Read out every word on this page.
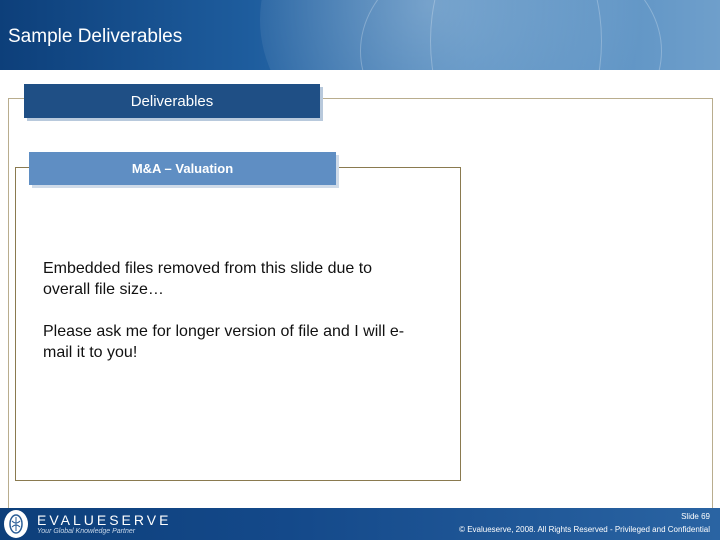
Sample Deliverables
Deliverables
M&A – Valuation
Embedded files removed from this slide due to overall file size…
Please ask me for longer version of file and I will e-mail it to you!
EVALUESERVE
Your Global Knowledge Partner
Slide 69
© Evalueserve, 2008. All Rights Reserved - Privileged and Confidential
